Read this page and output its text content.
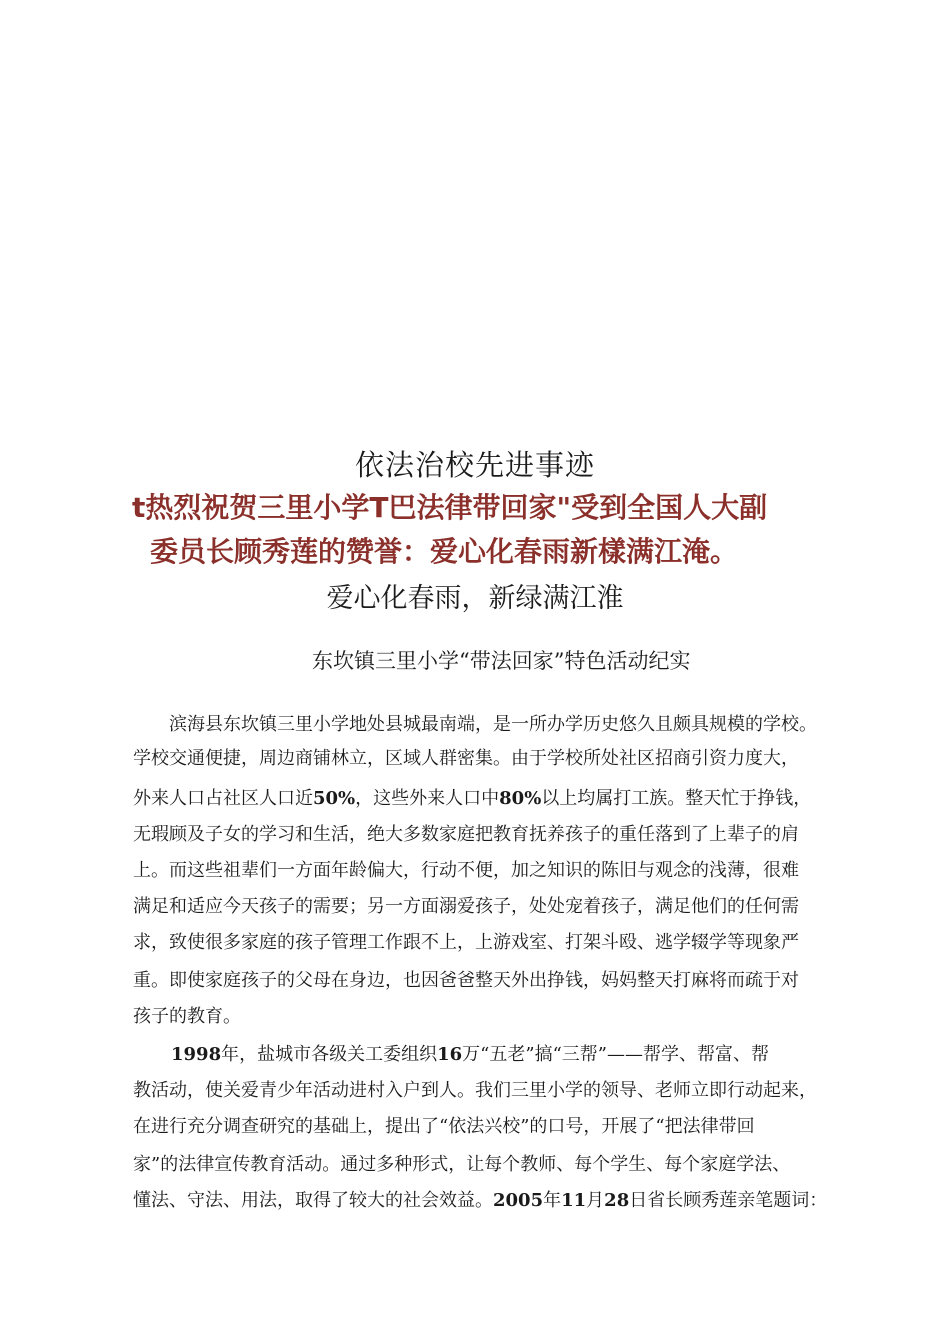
依法治校先进事迹
t热烈祝贺三里小学T巴法律带回家"受到全国人大副
委员长顾秀莲的赞誉：爱心化春雨新樣满江淹。
爱心化春雨，新绿满江淮
东坎镇三里小学“带法回家”特色活动纪实
　　滨海县东坎镇三里小学地处县城最南端，是一所办学历史悠久且颇具规模的学校。
学校交通便捷，周边商铺林立，区域人群密集。由于学校所处社区招商引资力度大，
外来人口占社区人口近50%，这些外来人口中80%以上均属打工族。整天忙于挣钱，
无瑕顾及子女的学习和生活，绝大多数家庭把教育抚养孩子的重任落到了上辈子的肩
上。而这些祖辈们一方面年龄偏大，行动不便，加之知识的陈旧与观念的浅薄，很难
满足和适应今天孩子的需要；另一方面溺爱孩子，处处宠着孩子，满足他们的任何需
求，致使很多家庭的孩子管理工作跟不上，上游戏室、打架斗殴、逃学辍学等现象严
重。即使家庭孩子的父母在身边，也因爸爸整天外出挣钱，妈妈整天打麻将而疏于对
孩子的教育。
1998年，盐城市各级关工委组织16万“五老”搞“三帮”——帮学、帮富、帮
教活动，使关爱青少年活动进村入户到人。我们三里小学的领导、老师立即行动起来，
在进行充分调查研究的基础上，提出了“依法兴校”的口号，开展了“把法律带回
家”的法律宣传教育活动。通过多种形式，让每个教师、每个学生、每个家庭学法、
懂法、守法、用法，取得了较大的社会效益。2005年11月28日省长顾秀莲亲笔题词：
